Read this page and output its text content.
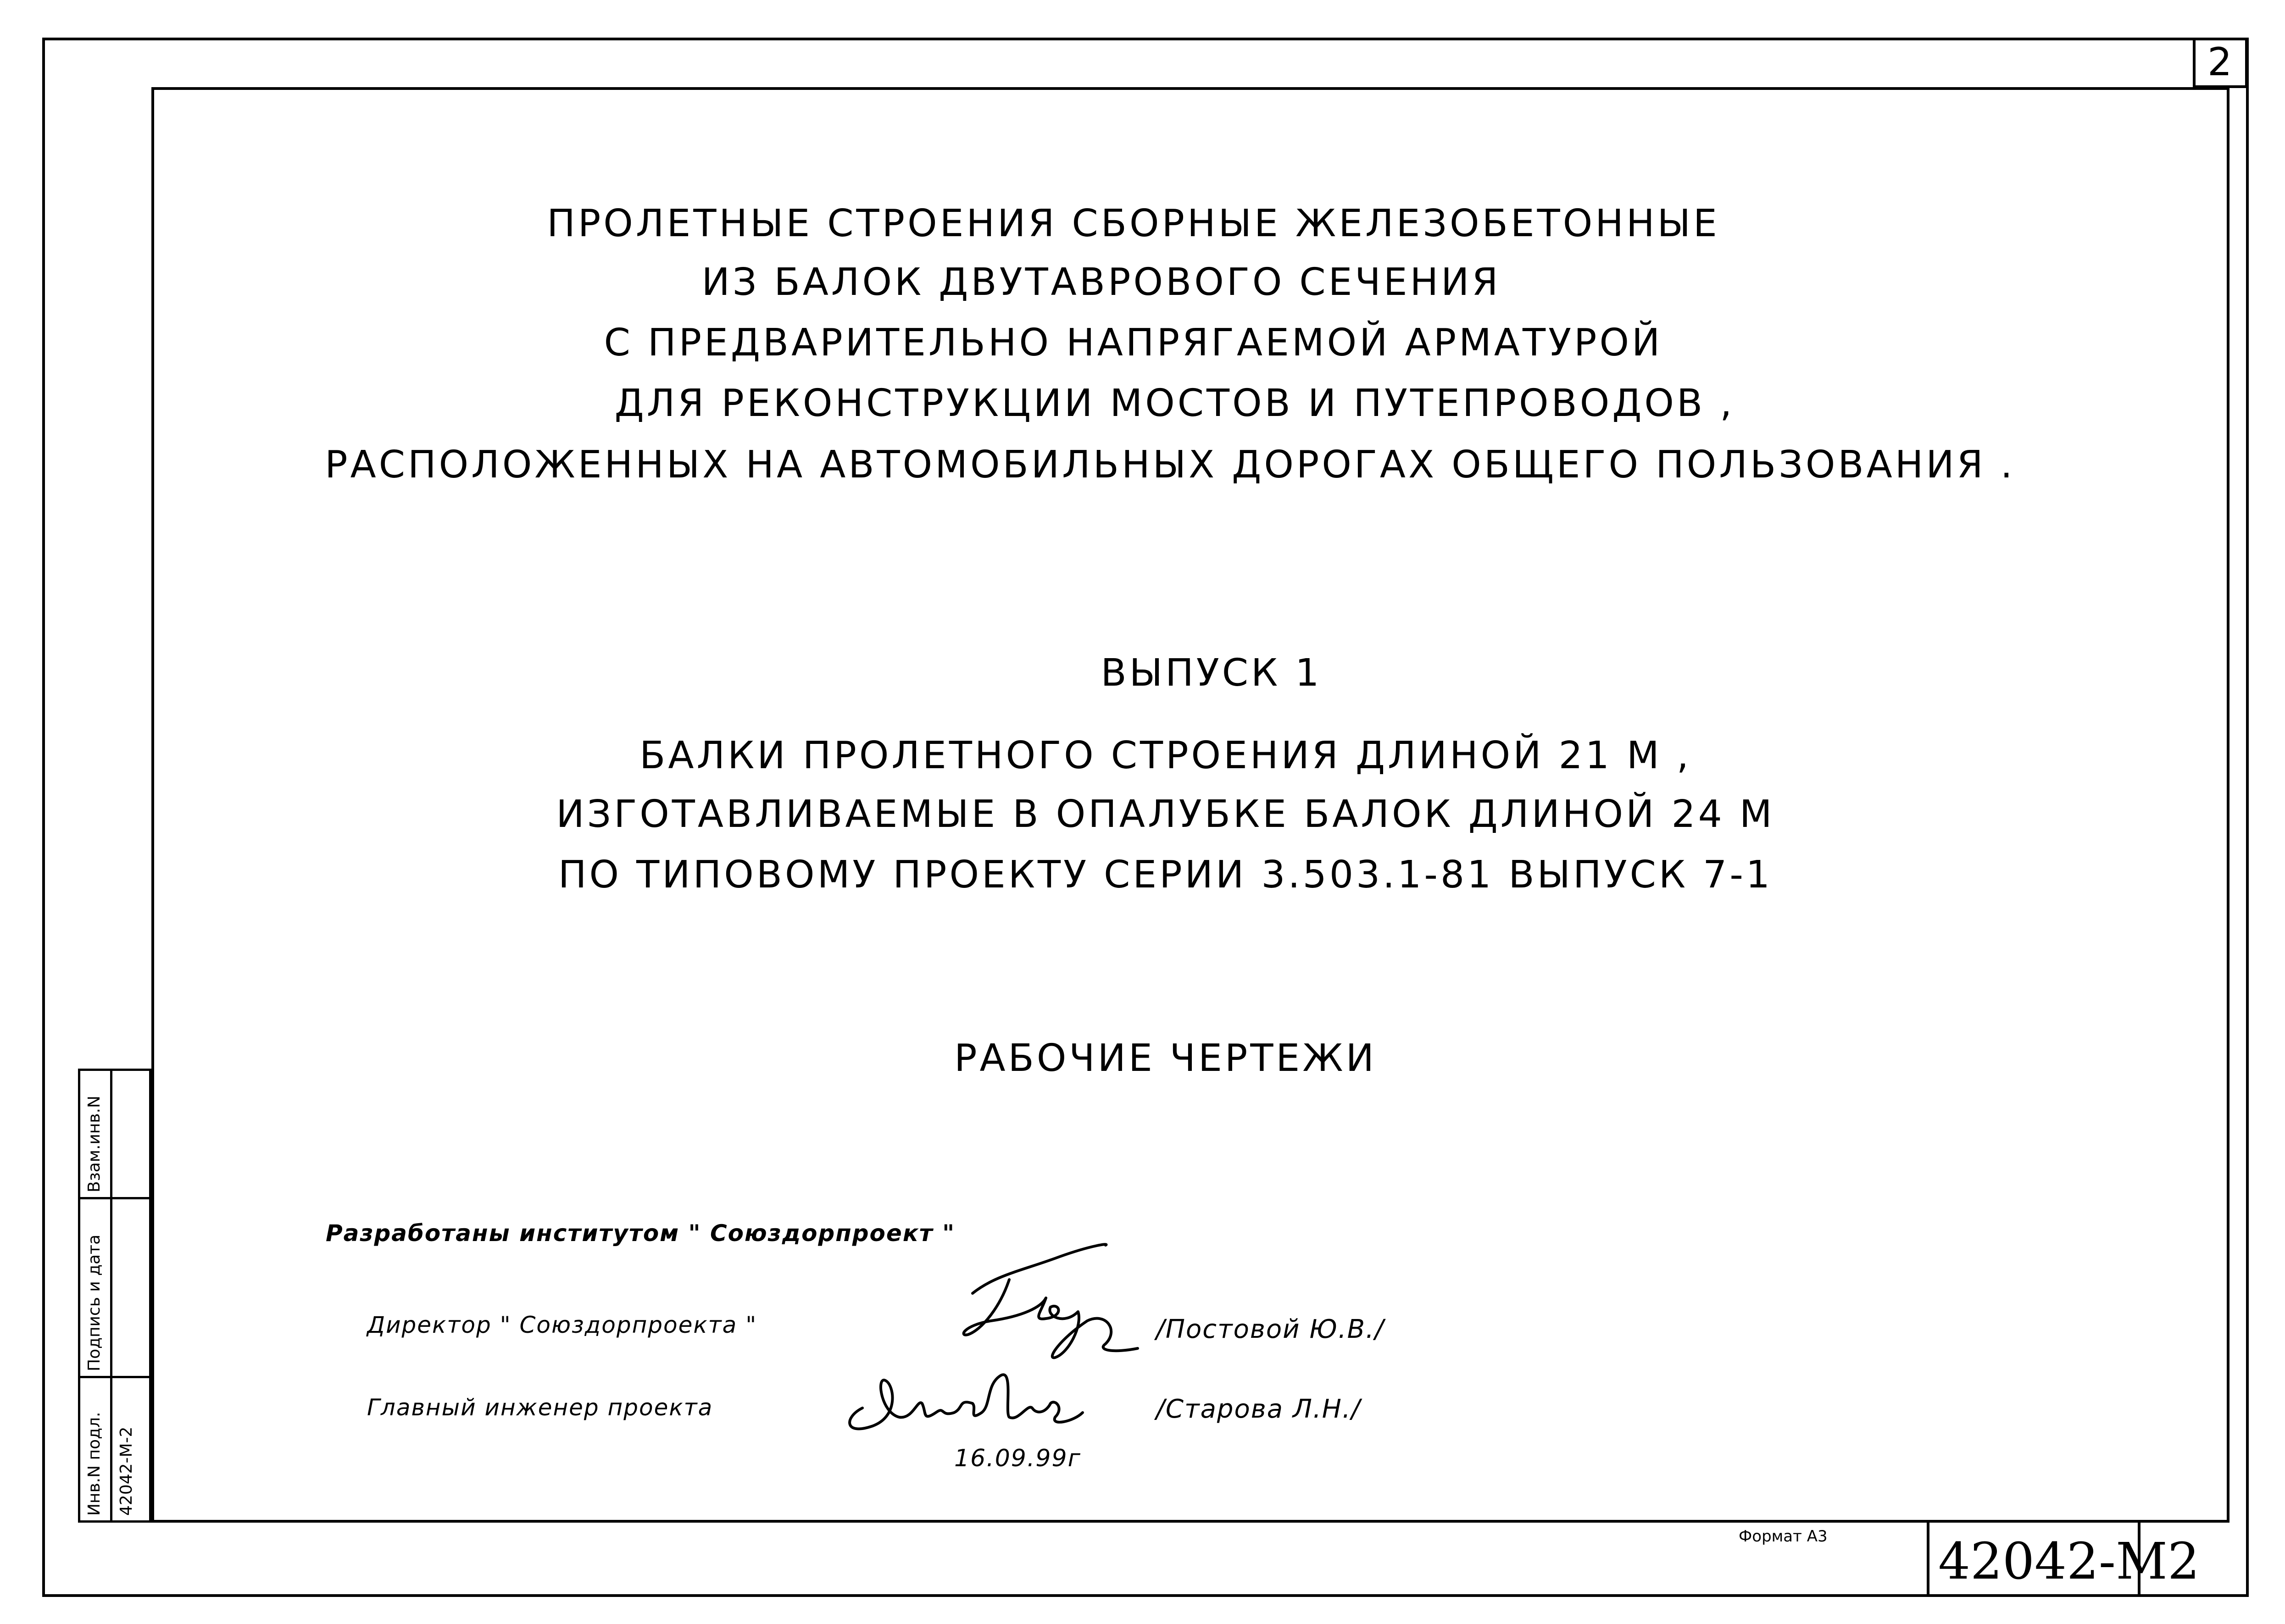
2
ПРОЛЕТНЫЕ СТРОЕНИЯ СБОРНЫЕ ЖЕЛЕЗОБЕТОННЫЕ
ИЗ БАЛОК ДВУТАВРОВОГО СЕЧЕНИЯ
С ПРЕДВАРИТЕЛЬНО НАПРЯГАЕМОЙ АРМАТУРОЙ
ДЛЯ РЕКОНСТРУКЦИИ МОСТОВ И ПУТЕПРОВОДОВ ,
РАСПОЛОЖЕННЫХ НА АВТОМОБИЛЬНЫХ ДОРОГАХ ОБЩЕГО ПОЛЬЗОВАНИЯ .
ВЫПУСК 1
БАЛКИ ПРОЛЕТНОГО СТРОЕНИЯ ДЛИНОЙ 21 М ,
ИЗГОТАВЛИВАЕМЫЕ В ОПАЛУБКЕ БАЛОК ДЛИНОЙ 24 М
ПО ТИПОВОМУ ПРОЕКТУ СЕРИИ 3.503.1-81 ВЫПУСК 7-1
РАБОЧИЕ ЧЕРТЕЖИ
Разработаны институтом " Союздорпроект "
Директор " Союздорпроекта "	/Постовой Ю.В./
Главный инженер проекта	/Старова Л.Н./
16.09.99г
Взам.инв.N
Подпись и дата
Инв.N подл. 42042-М-2
Формат А3 42042-М 2
